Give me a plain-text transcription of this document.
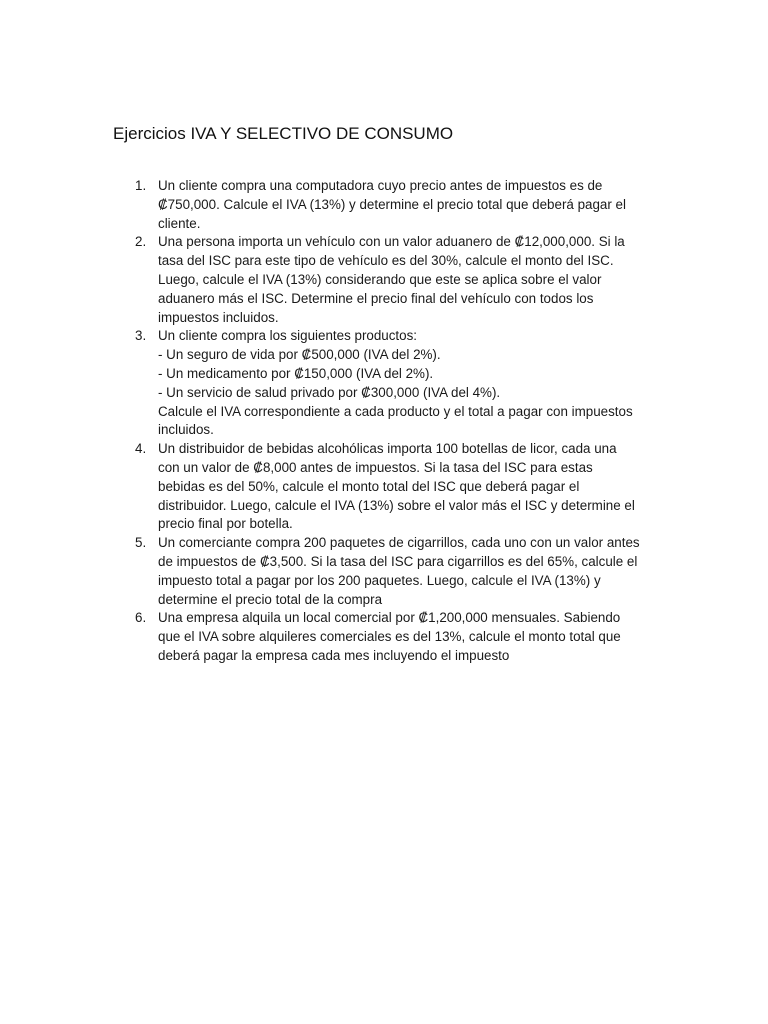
Ejercicios IVA Y SELECTIVO DE CONSUMO
1. Un cliente compra una computadora cuyo precio antes de impuestos es de
₡750,000. Calcule el IVA (13%) y determine el precio total que deberá pagar el
cliente.
2. Una persona importa un vehículo con un valor aduanero de ₡12,000,000. Si la
tasa del ISC para este tipo de vehículo es del 30%, calcule el monto del ISC.
Luego, calcule el IVA (13%) considerando que este se aplica sobre el valor
aduanero más el ISC. Determine el precio final del vehículo con todos los
impuestos incluidos.
3. Un cliente compra los siguientes productos:
- Un seguro de vida por ₡500,000 (IVA del 2%).
- Un medicamento por ₡150,000 (IVA del 2%).
- Un servicio de salud privado por ₡300,000 (IVA del 4%).
Calcule el IVA correspondiente a cada producto y el total a pagar con impuestos
incluidos.
4. Un distribuidor de bebidas alcohólicas importa 100 botellas de licor, cada una
con un valor de ₡8,000 antes de impuestos. Si la tasa del ISC para estas
bebidas es del 50%, calcule el monto total del ISC que deberá pagar el
distribuidor. Luego, calcule el IVA (13%) sobre el valor más el ISC y determine el
precio final por botella.
5. Un comerciante compra 200 paquetes de cigarrillos, cada uno con un valor antes
de impuestos de ₡3,500. Si la tasa del ISC para cigarrillos es del 65%, calcule el
impuesto total a pagar por los 200 paquetes. Luego, calcule el IVA (13%) y
determine el precio total de la compra
6. Una empresa alquila un local comercial por ₡1,200,000 mensuales. Sabiendo
que el IVA sobre alquileres comerciales es del 13%, calcule el monto total que
deberá pagar la empresa cada mes incluyendo el impuesto
